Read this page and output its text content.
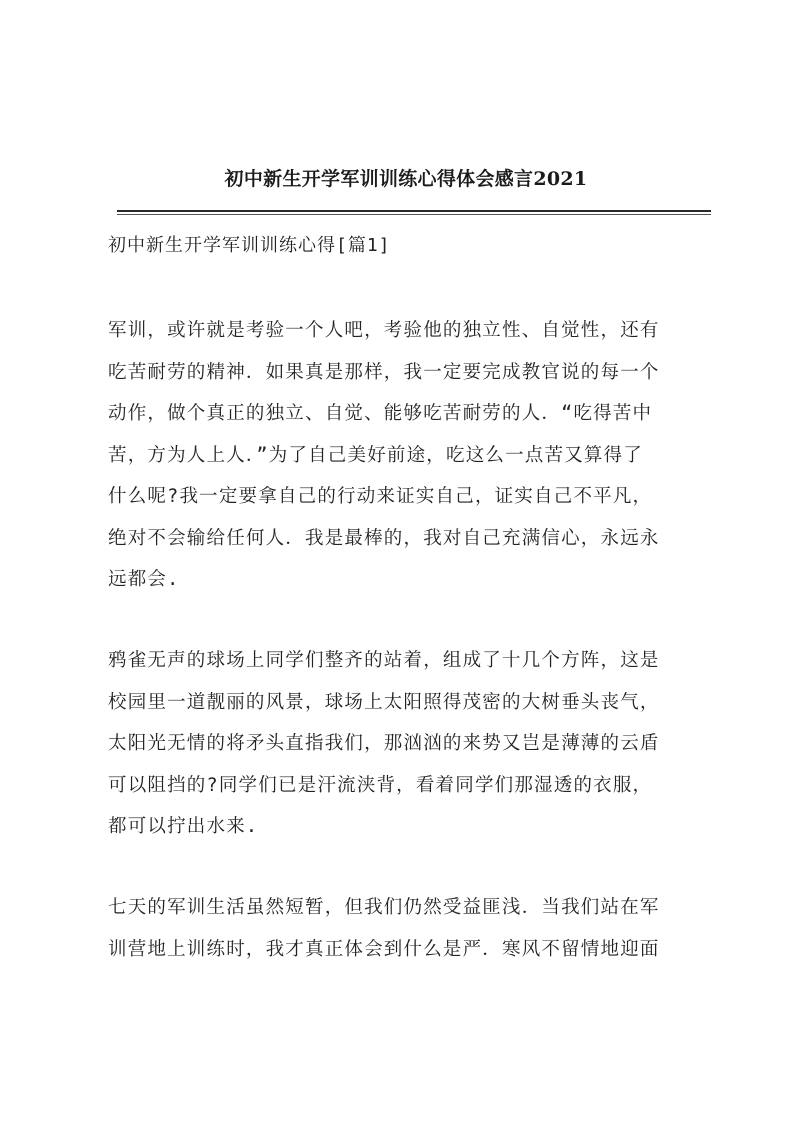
初中新生开学军训训练心得体会感言2021
初中新生开学军训训练心得[篇1]
军训，或许就是考验一个人吧，考验他的独立性、自觉性，还有
吃苦耐劳的精神．如果真是那样，我一定要完成教官说的每一个
动作，做个真正的独立、自觉、能够吃苦耐劳的人．“吃得苦中
苦，方为人上人．”为了自己美好前途，吃这么一点苦又算得了
什么呢?我一定要拿自己的行动来证实自己，证实自己不平凡，
绝对不会输给任何人．我是最棒的，我对自己充满信心，永远永
远都会.
鸦雀无声的球场上同学们整齐的站着，组成了十几个方阵，这是
校园里一道靓丽的风景，球场上太阳照得茂密的大树垂头丧气，
太阳光无情的将矛头直指我们，那汹汹的来势又岂是薄薄的云盾
可以阻挡的?同学们已是汗流浃背，看着同学们那湿透的衣服，
都可以拧出水来.
七天的军训生活虽然短暂，但我们仍然受益匪浅．当我们站在军
训营地上训练时，我才真正体会到什么是严．寒风不留情地迎面
